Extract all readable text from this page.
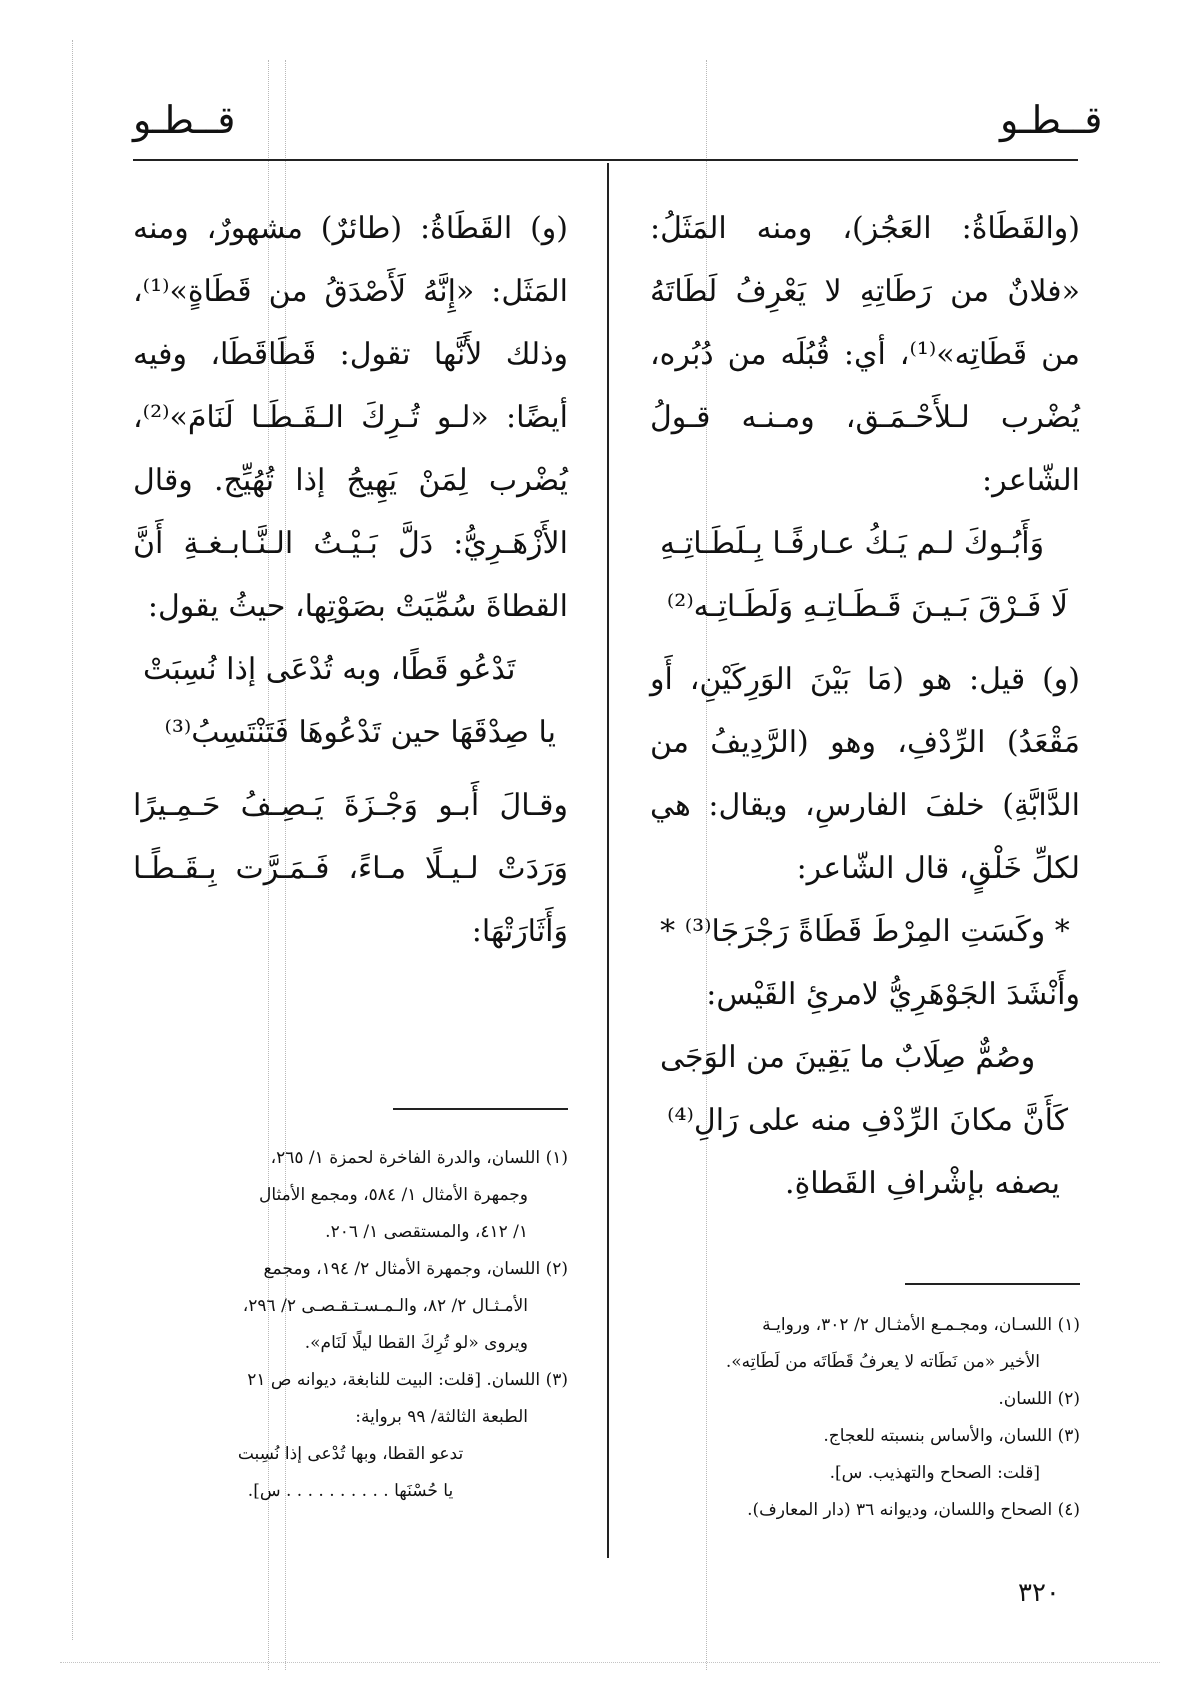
قــطـو	قــطـو

(والقَطَاةُ: العَجُز)، ومنه المَثَلُ: «فلانٌ من رَطَاتِهِ لا يَعْرِفُ لَطَاتَهُ من قَطَاتِه»⁽¹⁾، أي: قُبُلَه من دُبُره، يُضْرب لـلأَحْـمَـق، ومـنـه قـولُ الشّاعر:

وَأَبُـوكَ لـم يَـكُ عـارفًـا بِـلَطَـاتِـهِ
لَا فَـرْقَ بَـيـنَ قَـطَـاتِـهِ وَلَطَـاتِـه⁽²⁾

(و) قيل: هو (مَا بَيْنَ الوَرِكَيْنِ، أَو مَقْعَدُ) الرِّدْفِ، وهو (الرَّدِيفُ من الدَّابَّةِ) خلفَ الفارسِ، ويقال: هي لكلِّ خَلْقٍ، قال الشّاعر:

* وكَسَتِ المِرْطَ قَطَاةً رَجْرَجَا⁽³⁾ *

وأَنْشَدَ الجَوْهَرِيُّ لامرئِ القَيْس:

وصُمٌّ صِلَابٌ ما يَقِينَ من الوَجَى
كَأَنَّ مكانَ الرِّدْفِ منه على رَالِ⁽⁴⁾

يصفه بإشْرافِ القَطاةِ.

(و) القَطَاةُ: (طائرٌ) مشهورٌ، ومنه المَثَل: «إِنَّهُ لَأَصْدَقُ من قَطَاةٍ»⁽¹⁾، وذلك لأَنَّها تقول: قَطَاقَطَا، وفيه أيضًا: «لـو تُـرِكَ الـقَـطَـا لَنَامَ»⁽²⁾، يُضْرب لِمَنْ يَهِيجُ إذا تُهُيِّج. وقال الأَزْهَـرِيُّ: دَلَّ بَـيْـتُ الـنَّـابـغـةِ أَنَّ القطاةَ سُمِّيَتْ بصَوْتِها، حيثُ يقول:

تَدْعُو قَطًا، وبه تُدْعَى إذا نُسِبَتْ
يا صِدْقَهَا حين تَدْعُوهَا فَتَنْتَسِبُ⁽³⁾

وقـالَ أَبـو وَجْـزَةَ يَـصِـفُ حَـمِـيرًا وَرَدَتْ لـيـلًا مـاءً، فَـمَـرَّت بِـقَـطًـا وَأَثَارَتْهَا:

(١) اللسـان، ومجـمـع الأمثـال ٢/ ٣٠٢، وروايـة

الأخير «من نَطَاته لا يعرفُ قَطَاتَه من لَطَاتِه».

(٢) اللسان.

(٣) اللسان، والأساس بنسبته للعجاج.

[قلت: الصحاح والتهذيب. س].

(٤) الصحاح واللسان، وديوانه ٣٦ (دار المعارف).

(١) اللسان، والدرة الفاخرة لحمزة ١/ ٢٦٥،

وجمهرة الأمثال ١/ ٥٨٤، ومجمع الأمثال

١/ ٤١٢، والمستقصى ١/ ٢٠٦.

(٢) اللسان، وجمهرة الأمثال ٢/ ١٩٤، ومجمع

الأمـثـال ٢/ ٨٢، والـمـسـتـقـصـى ٢/ ٢٩٦،

ويروى «لو تُرِكَ القطا ليلًا لَنَام».

(٣) اللسان. [قلت: البيت للنابغة، ديوانه ص ٢١

الطبعة الثالثة/ ٩٩ برواية:

تدعو القطا، وبها تُدْعى إذا نُسِبت

يا حُسْنَها . . . . . . . . . . س].

٣٢٠
